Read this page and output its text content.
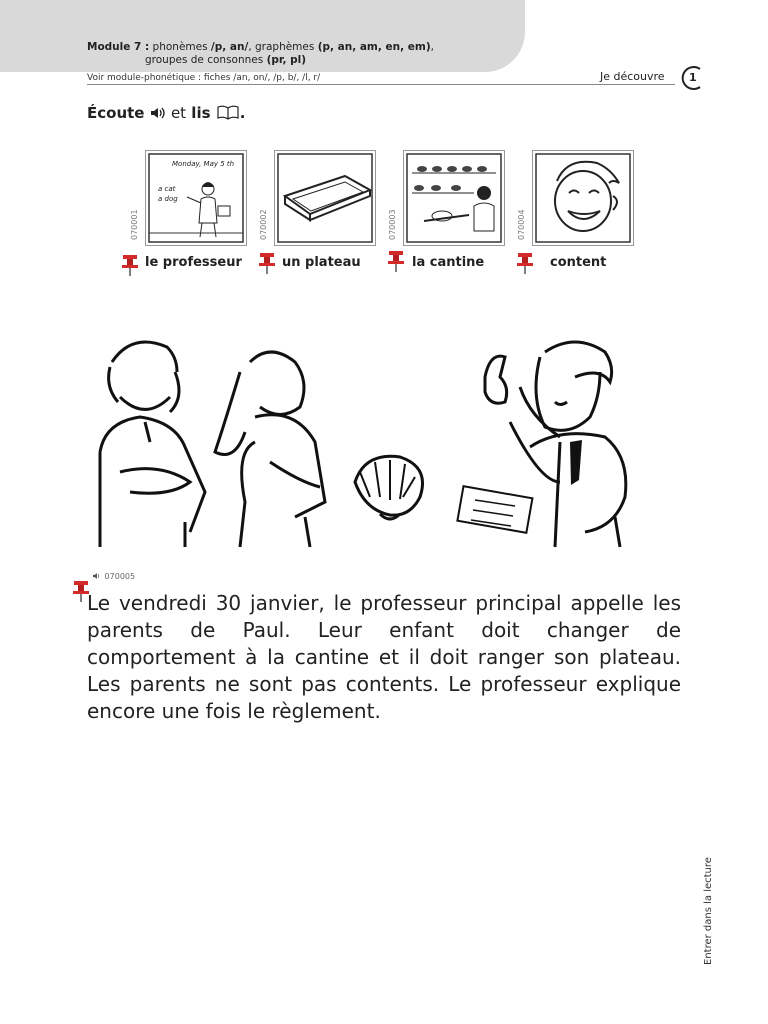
Module 7 : phonèmes /p, an/, graphèmes (p, an, am, en, em),
groupes de consonnes (pr, pl)
Voir module-phonétique : fiches /an, on/, /p, b/, /l, r/	Je découvre 1
Écoute et lis .
Monday, May 5 th
a cat
a dog
070001	070002	070003	070004
le professeur	un plateau	la cantine	content
070005
Le vendredi 30 janvier, le professeur principal appelle les parents de Paul. Leur enfant doit changer de comportement à la cantine et il doit ranger son plateau. Les parents ne sont pas contents. Le professeur explique encore une fois le règlement.
Entrer dans la lecture
